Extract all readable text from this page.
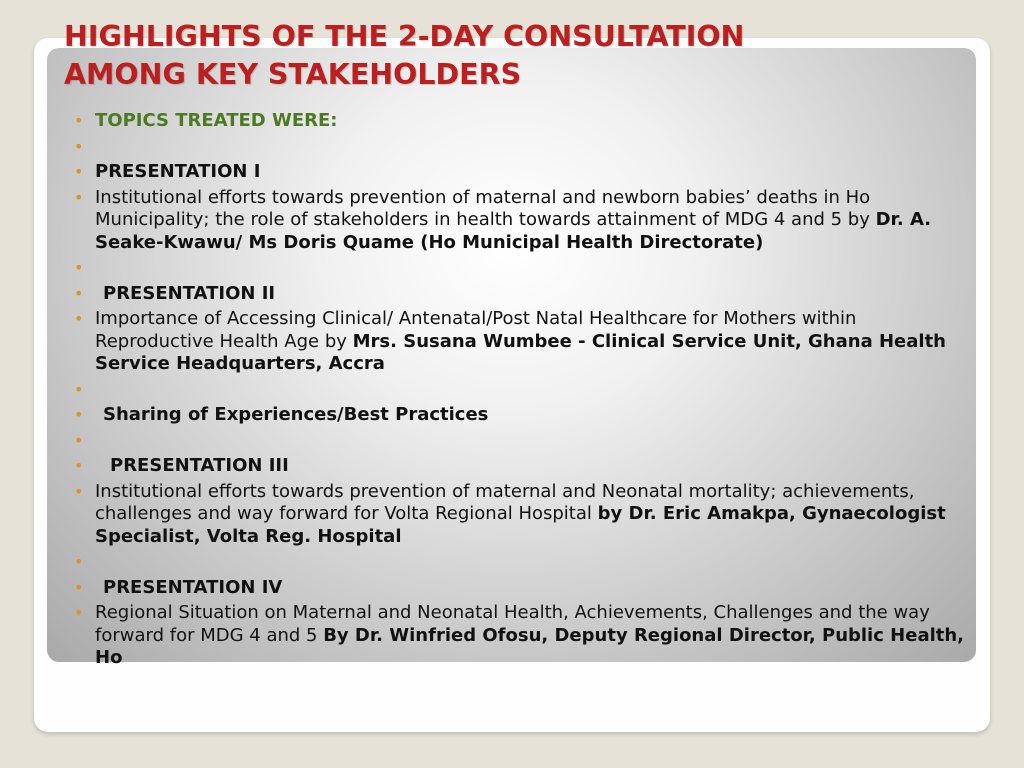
HIGHLIGHTS OF THE 2-DAY CONSULTATION
AMONG KEY STAKEHOLDERS
• TOPICS TREATED WERE:
•
• PRESENTATION I
• Institutional efforts towards prevention of maternal and newborn babies’ deaths in Ho Municipality; the role of stakeholders in health towards attainment of MDG 4 and 5 by Dr. A. Seake-Kwawu/ Ms Doris Quame (Ho Municipal Health Directorate)
•
• PRESENTATION II
• Importance of Accessing Clinical/ Antenatal/Post Natal Healthcare for Mothers within Reproductive Health Age by Mrs. Susana Wumbee - Clinical Service Unit, Ghana Health Service Headquarters, Accra
•
• Sharing of Experiences/Best Practices
•
• PRESENTATION III
• Institutional efforts towards prevention of maternal and Neonatal mortality; achievements, challenges and way forward for Volta Regional Hospital by Dr. Eric Amakpa, Gynaecologist Specialist, Volta Reg. Hospital
•
• PRESENTATION IV
• Regional Situation on Maternal and Neonatal Health, Achievements, Challenges and the way forward for MDG 4 and 5 By Dr. Winfried Ofosu, Deputy Regional Director, Public Health, Ho
